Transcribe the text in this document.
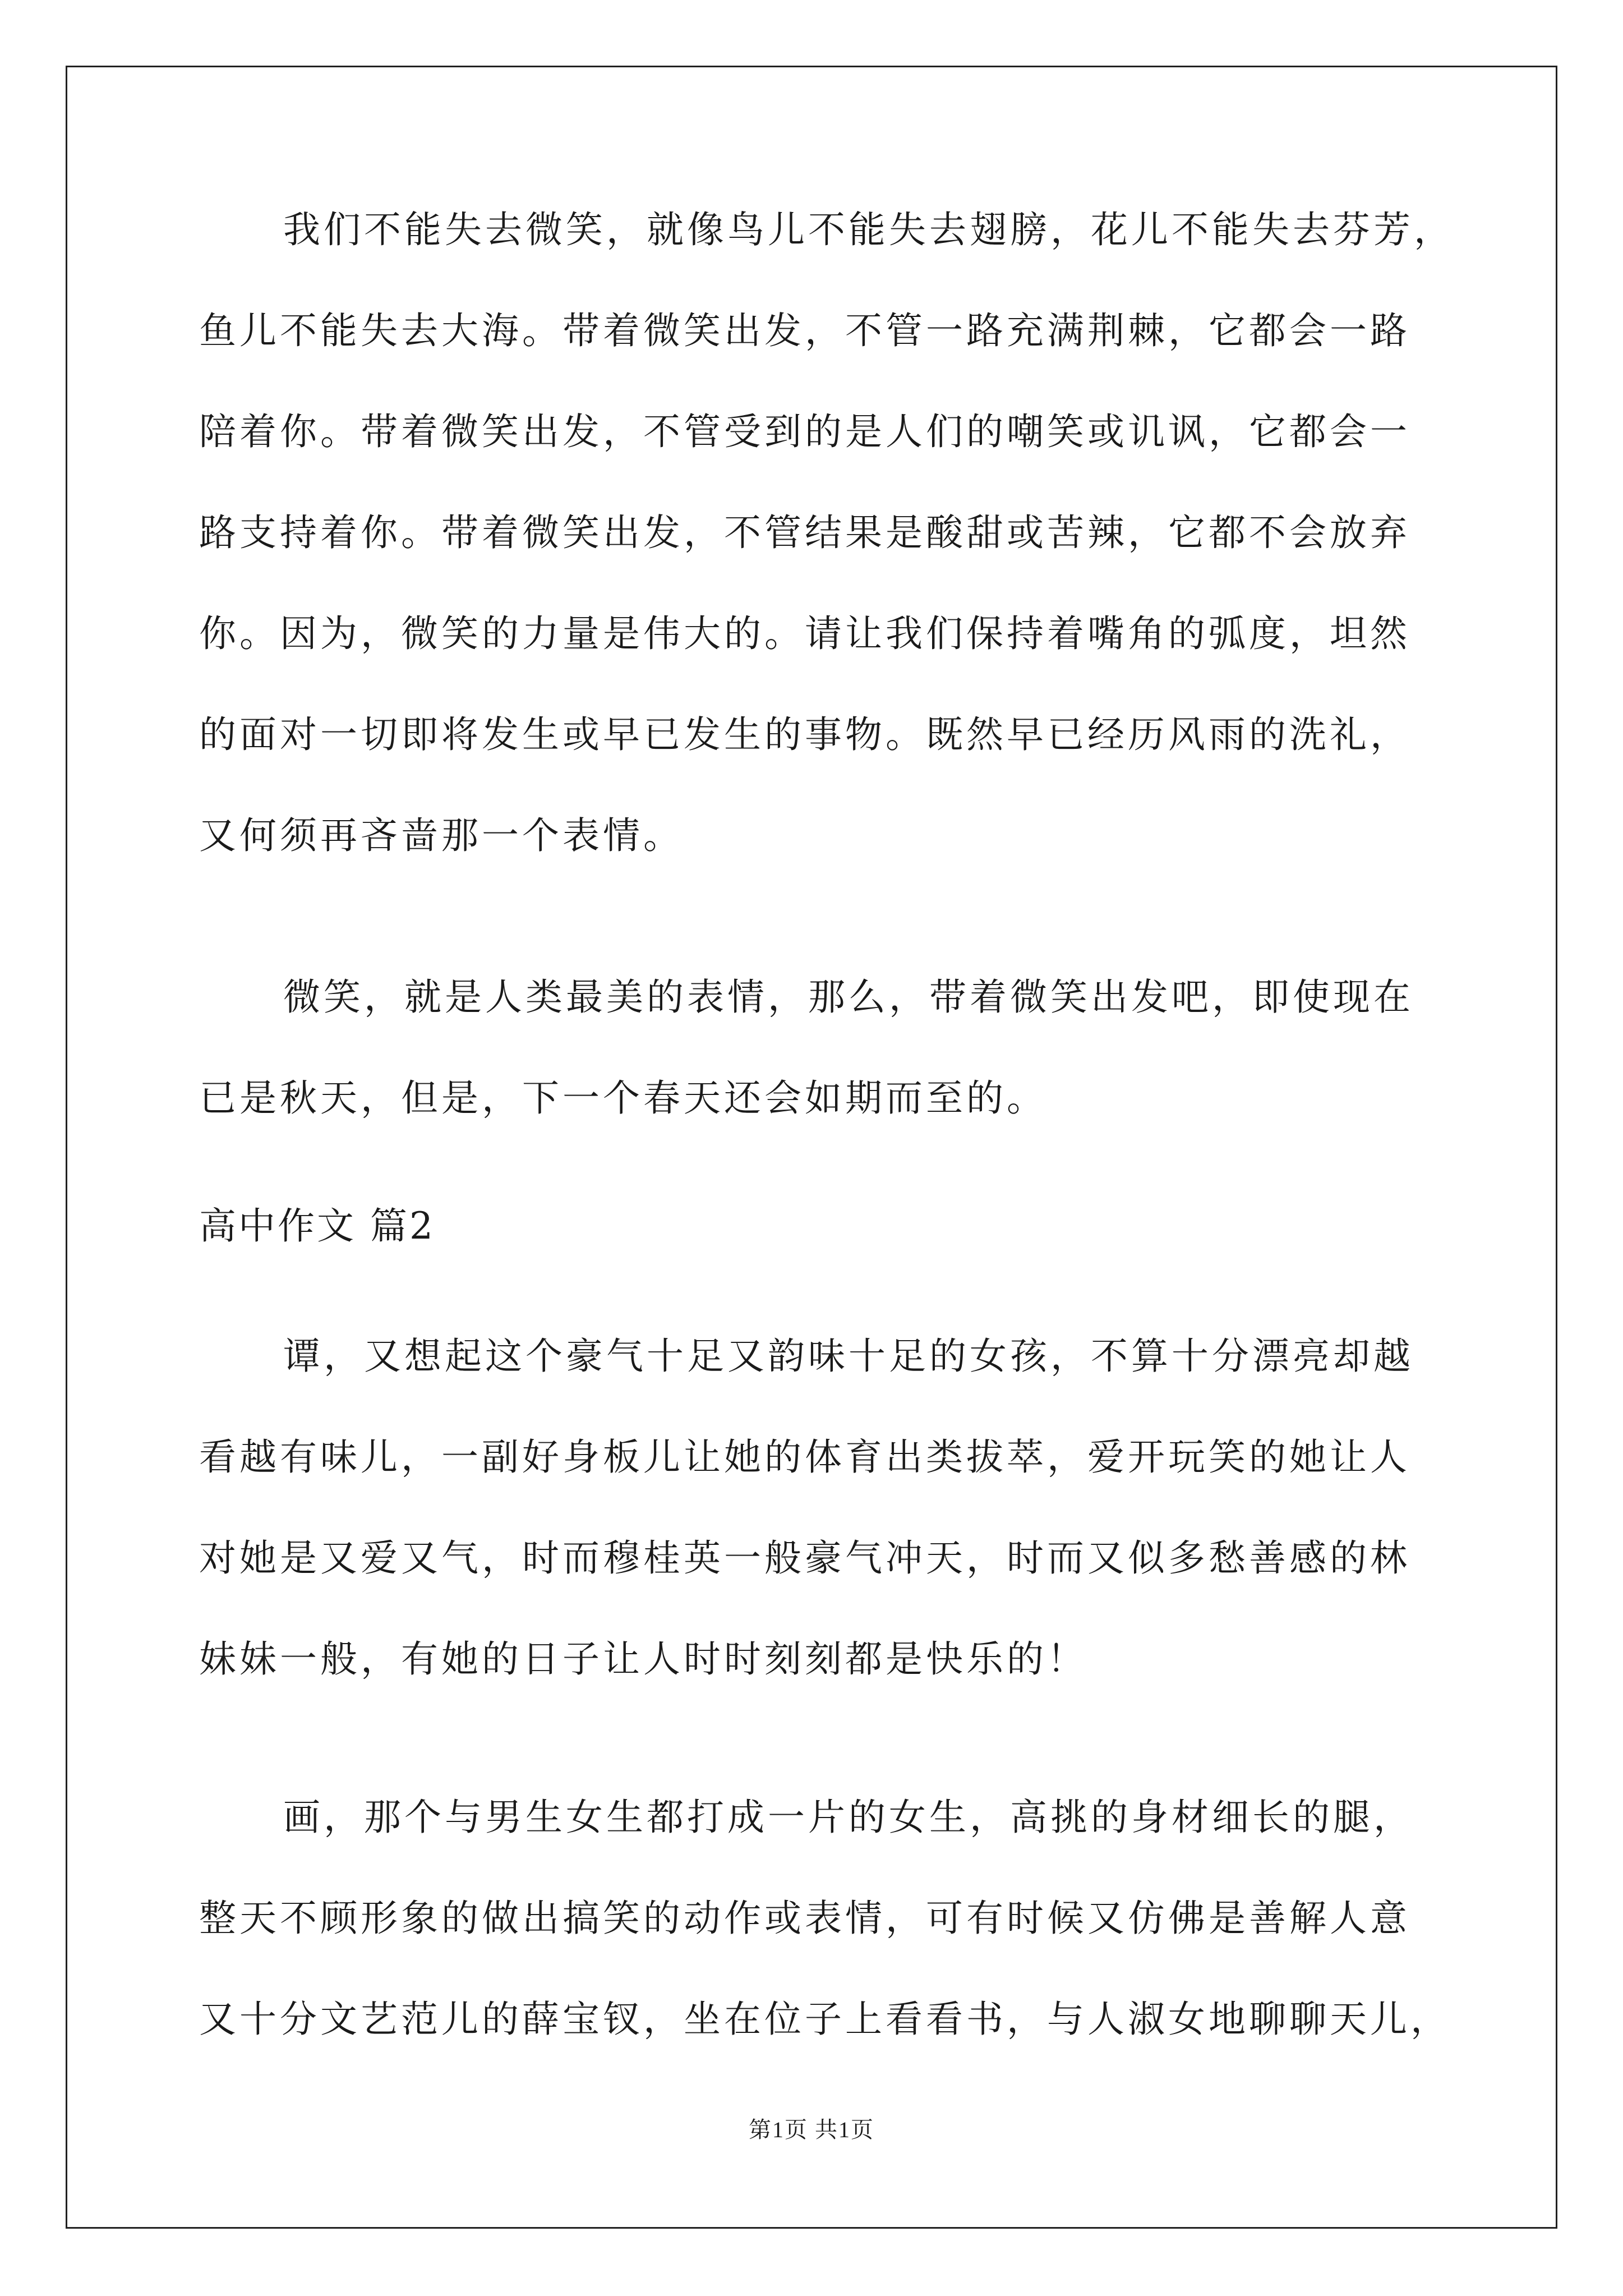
我们不能失去微笑，就像鸟儿不能失去翅膀，花儿不能失去芬芳，
鱼儿不能失去大海。带着微笑出发，不管一路充满荆棘，它都会一路
陪着你。带着微笑出发，不管受到的是人们的嘲笑或讥讽，它都会一
路支持着你。带着微笑出发，不管结果是酸甜或苦辣，它都不会放弃
你。因为，微笑的力量是伟大的。请让我们保持着嘴角的弧度，坦然
的面对一切即将发生或早已发生的事物。既然早已经历风雨的洗礼，
又何须再吝啬那一个表情。
微笑，就是人类最美的表情，那么，带着微笑出发吧，即使现在
已是秋天，但是，下一个春天还会如期而至的。
高中作文 篇2
谭，又想起这个豪气十足又韵味十足的女孩，不算十分漂亮却越
看越有味儿，一副好身板儿让她的体育出类拔萃，爱开玩笑的她让人
对她是又爱又气，时而穆桂英一般豪气冲天，时而又似多愁善感的林
妹妹一般，有她的日子让人时时刻刻都是快乐的！
画，那个与男生女生都打成一片的女生，高挑的身材细长的腿，
整天不顾形象的做出搞笑的动作或表情，可有时候又仿佛是善解人意
又十分文艺范儿的薛宝钗，坐在位子上看看书，与人淑女地聊聊天儿，
第1页 共1页
